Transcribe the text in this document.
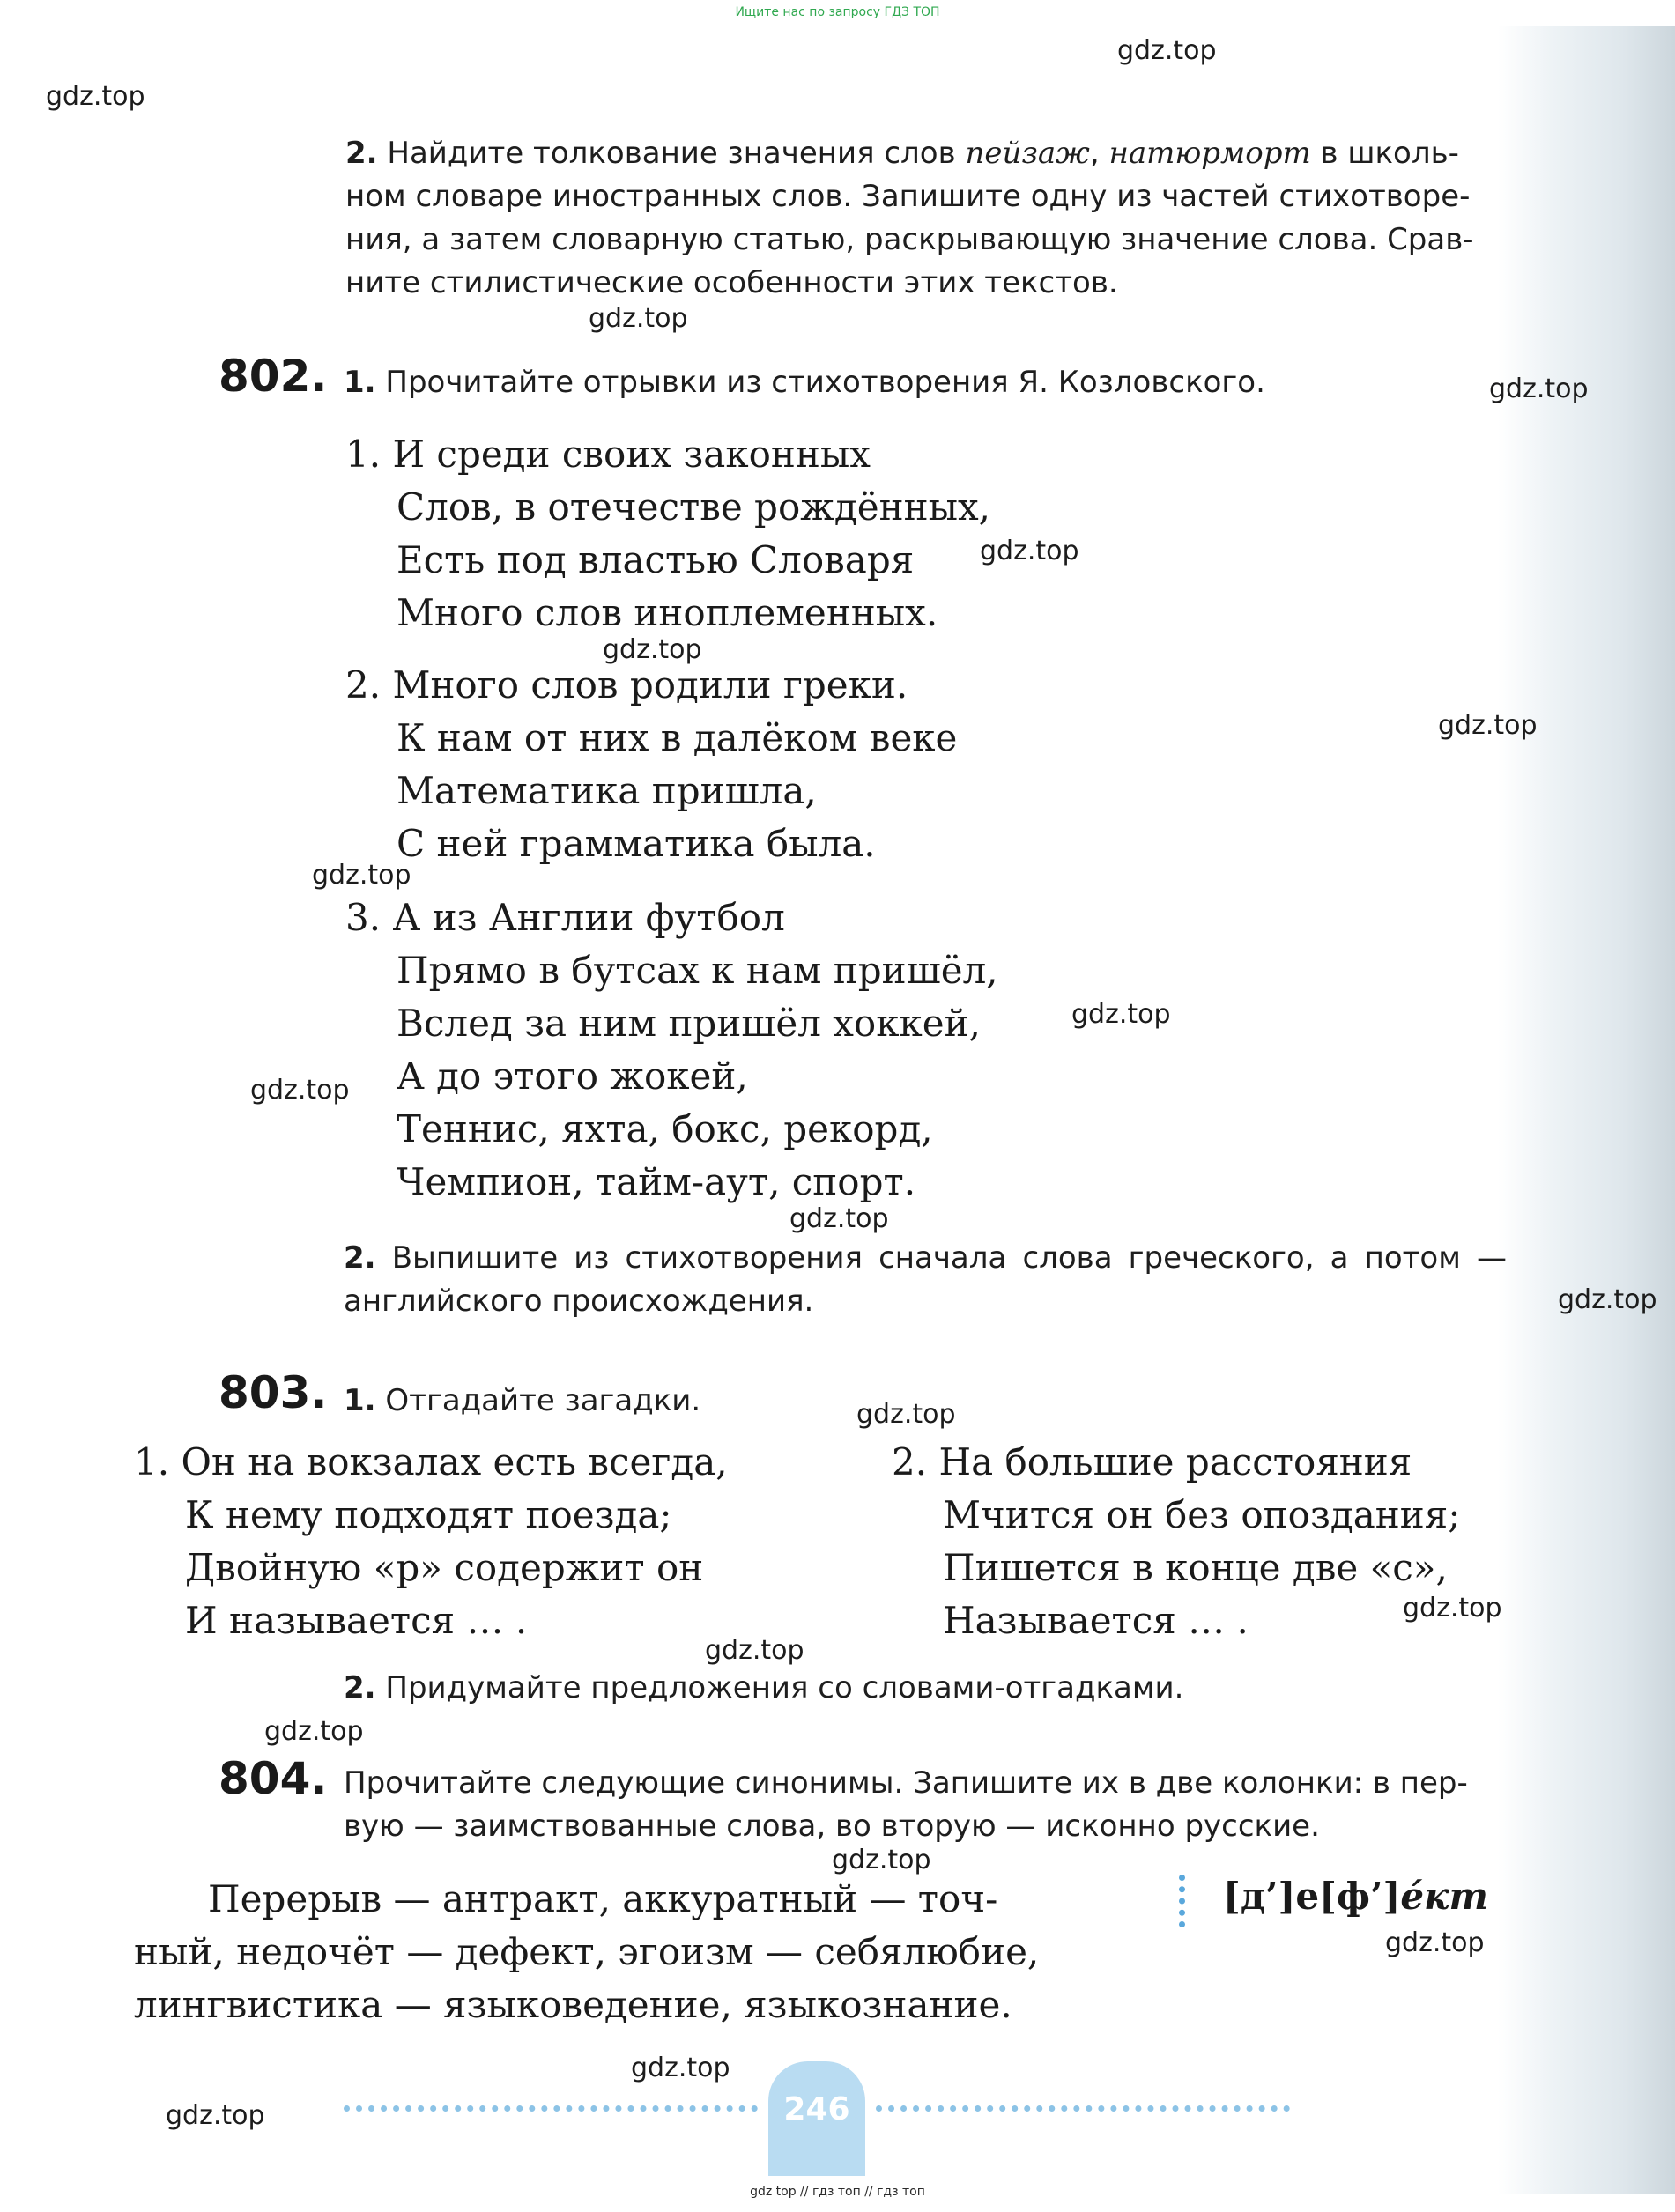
Ищите нас по запросу ГДЗ ТОП
gdz.top
gdz.top
gdz.top
gdz.top
gdz.top
gdz.top
gdz.top
gdz.top
gdz.top
gdz.top
gdz.top
gdz.top
gdz.top
gdz.top
gdz.top
gdz.top
gdz.top
gdz.top
gdz.top
gdz.top
2. Найдите толкование значения слов пейзаж, натюрморт в школь-
ном словаре иностранных слов. Запишите одну из частей стихотворе-
ния, а затем словарную статью, раскрывающую значение слова. Срав-
ните стилистические особенности этих текстов.
802. 1. Прочитайте отрывки из стихотворения Я. Козловского.
1. И среди своих законных
Слов, в отечестве рождённых,
Есть под властью Словаря
Много слов иноплеменных.
2. Много слов родили греки.
К нам от них в далёком веке
Математика пришла,
С ней грамматика была.
3. А из Англии футбол
Прямо в бутсах к нам пришёл,
Вслед за ним пришёл хоккей,
А до этого жокей,
Теннис, яхта, бокс, рекорд,
Чемпион, тайм-аут, спорт.
2. Выпишите из стихотворения сначала слова греческого, а потом —
английского происхождения.
803. 1. Отгадайте загадки.
1. Он на вокзалах есть всегда,
К нему подходят поезда;
Двойную «р» содержит он
И называется … .
2. На большие расстояния
Мчится он без опоздания;
Пишется в конце две «с»,
Называется … .
2. Придумайте предложения со словами-отгадками.
804. Прочитайте следующие синонимы. Запишите их в две колонки: в пер-
вую — заимствованные слова, во вторую — исконно русские.
Перерыв — антракт, аккуратный — точ-
ный, недочёт — дефект, эгоизм — себялюбие,
лингвистика — языковедение, языкознание.
[д’]е[ф’]éкт
246
gdz top // гдз топ // гдз топ
